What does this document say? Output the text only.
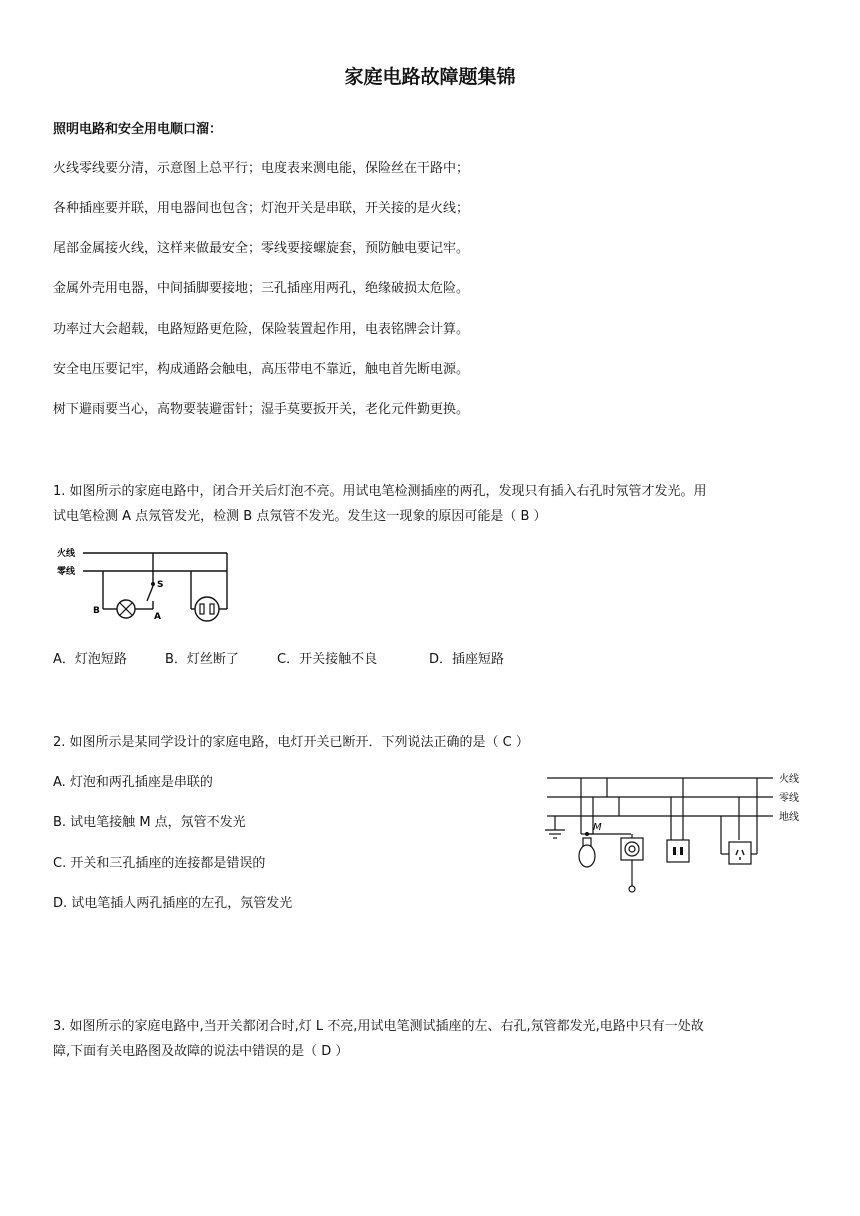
家庭电路故障题集锦
照明电路和安全用电顺口溜：
火线零线要分清，示意图上总平行；电度表来测电能，保险丝在干路中；
各种插座要并联，用电器间也包含；灯泡开关是串联，开关接的是火线；
尾部金属接火线，这样来做最安全；零线要接螺旋套，预防触电要记牢。
金属外壳用电器，中间插脚要接地；三孔插座用两孔，绝缘破损太危险。
功率过大会超载，电路短路更危险，保险装置起作用，电表铭牌会计算。
安全电压要记牢，构成通路会触电，高压带电不靠近，触电首先断电源。
树下避雨要当心，高物要装避雷针；湿手莫要扳开关，老化元件勤更换。
1. 如图所示的家庭电路中，闭合开关后灯泡不亮。用试电笔检测插座的两孔，发现只有插入右孔时氖管才发光。用
试电笔检测 A 点氖管发光，检测 B 点氖管不发光。发生这一现象的原因可能是（ B ）
火线
零线
S
B
A
A．灯泡短路	B．灯丝断了	C．开关接触不良	D．插座短路
2. 如图所示是某同学设计的家庭电路，电灯开关已断开．下列说法正确的是（ C ）
A. 灯泡和两孔插座是串联的
B. 试电笔接触 M 点，氖管不发光
C. 开关和三孔插座的连接都是错误的
D. 试电笔插人两孔插座的左孔，氖管发光
火线
零线
地线
M
3. 如图所示的家庭电路中,当开关都闭合时,灯 L 不亮,用试电笔测试插座的左、右孔,氖管都发光,电路中只有一处故
障,下面有关电路图及故障的说法中错误的是（ D ）
